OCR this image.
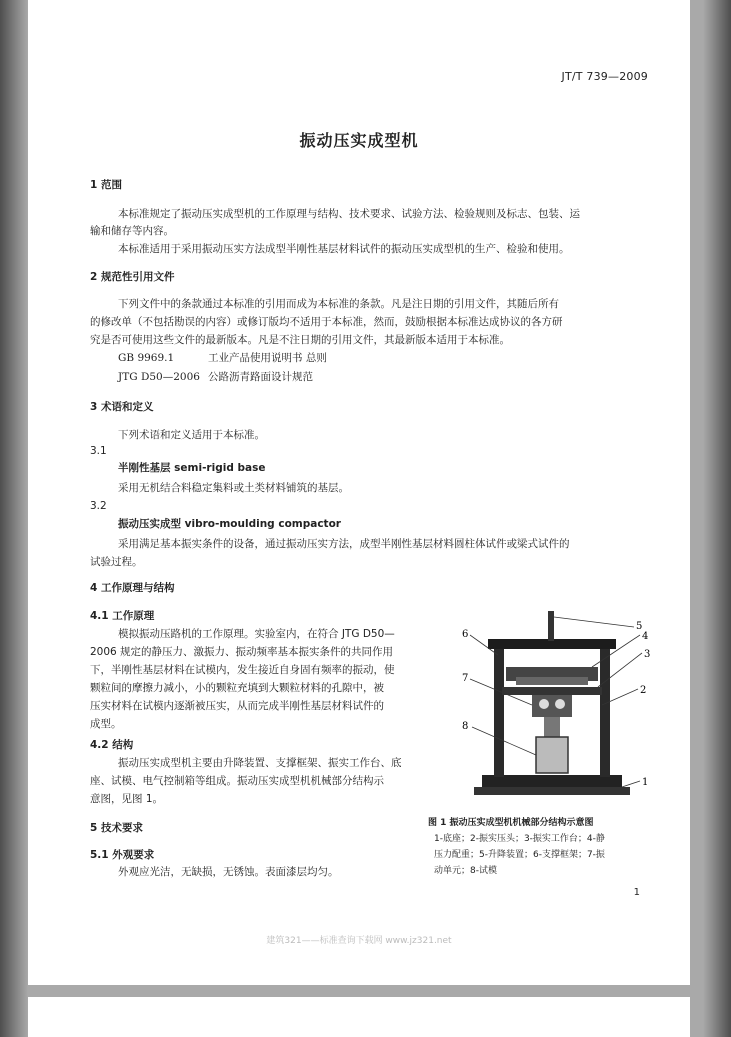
JT/T 739—2009
振动压实成型机
1 范围
本标准规定了振动压实成型机的工作原理与结构、技术要求、试验方法、检验规则及标志、包装、运
输和储存等内容。
本标准适用于采用振动压实方法成型半刚性基层材料试件的振动压实成型机的生产、检验和使用。
2 规范性引用文件
下列文件中的条款通过本标准的引用而成为本标准的条款。凡是注日期的引用文件，其随后所有
的修改单（不包括勘误的内容）或修订版均不适用于本标准，然而，鼓励根据本标准达成协议的各方研
究是否可使用这些文件的最新版本。凡是不注日期的引用文件，其最新版本适用于本标准。
GB 9969.1	工业产品使用说明书 总则
JTG D50—2006 公路沥青路面设计规范
3 术语和定义
下列术语和定义适用于本标准。
3.1
半刚性基层 semi-rigid base
采用无机结合料稳定集料或土类材料铺筑的基层。
3.2
振动压实成型 vibro-moulding compactor
采用满足基本振实条件的设备，通过振动压实方法，成型半刚性基层材料圆柱体试件或梁式试件的
试验过程。
4 工作原理与结构
4.1 工作原理
模拟振动压路机的工作原理。实验室内，在符合 JTG D50—
2006 规定的静压力、激振力、振动频率基本振实条件的共同作用
下，半刚性基层材料在试模内，发生接近自身固有频率的振动，使
颗粒间的摩擦力减小，小的颗粒充填到大颗粒材料的孔隙中，被
压实材料在试模内逐渐被压实，从而完成半刚性基层材料试件的
成型。
4.2 结构
振动压实成型机主要由升降装置、支撑框架、振实工作台、底
座、试模、电气控制箱等组成。振动压实成型机机械部分结构示
意图，见图 1。
5 技术要求
5.1 外观要求
外观应光洁，无缺损，无锈蚀。表面漆层均匀。
5
4
3
2
1
6
7
8
图 1 振动压实成型机机械部分结构示意图
1-底座；2-振实压头；3-振实工作台；4-静
压力配重；5-升降装置；6-支撑框架；7-振
动单元；8-试模
1
建筑321——标准查询下载网 www.jz321.net
